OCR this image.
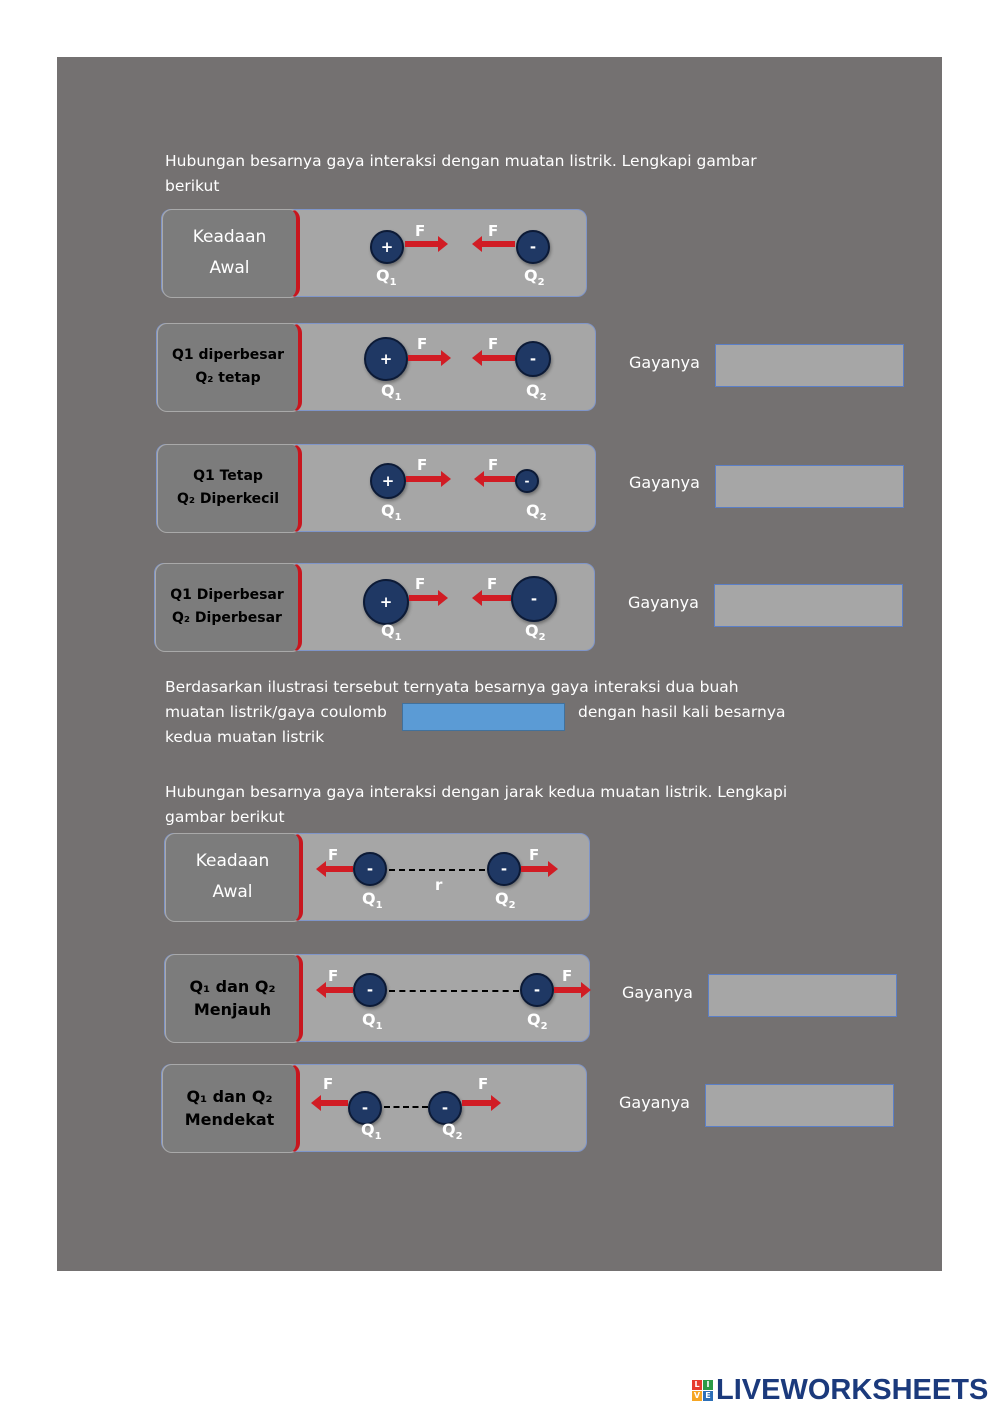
Hubungan besarnya gaya interaksi dengan muatan listrik. Lengkapi gambar
berikut
Keadaan
Awal
+
F	F
-
$Q_1$	$Q_2$
Q1 diperbesar
Q₂ tetap
+
F	F
-
$Q_1$	$Q_2$
Gayanya
Q1 Tetap
Q₂ Diperkecil
+
F	F
-
$Q_1$	$Q_2$
Gayanya
Q1 Diperbesar
Q₂ Diperbesar
+
F	F
-
$Q_1$	$Q_2$
Gayanya
Berdasarkan ilustrasi tersebut ternyata besarnya gaya interaksi dua buah
muatan listrik/gaya coulomb	dengan hasil kali besarnya
kedua muatan listrik
Hubungan besarnya gaya interaksi dengan jarak kedua muatan listrik. Lengkapi
gambar berikut
Keadaan
Awal
F
-
r
-
F
$Q_1$	$Q_2$
Q₁ dan Q₂
Menjauh
F
-	-
F
$Q_1$	$Q_2$
Gayanya
Q₁ dan Q₂
Mendekat
F
-	-
F
$Q_1$	$Q_2$
Gayanya
L I
V E LIVEWORKSHEETS
